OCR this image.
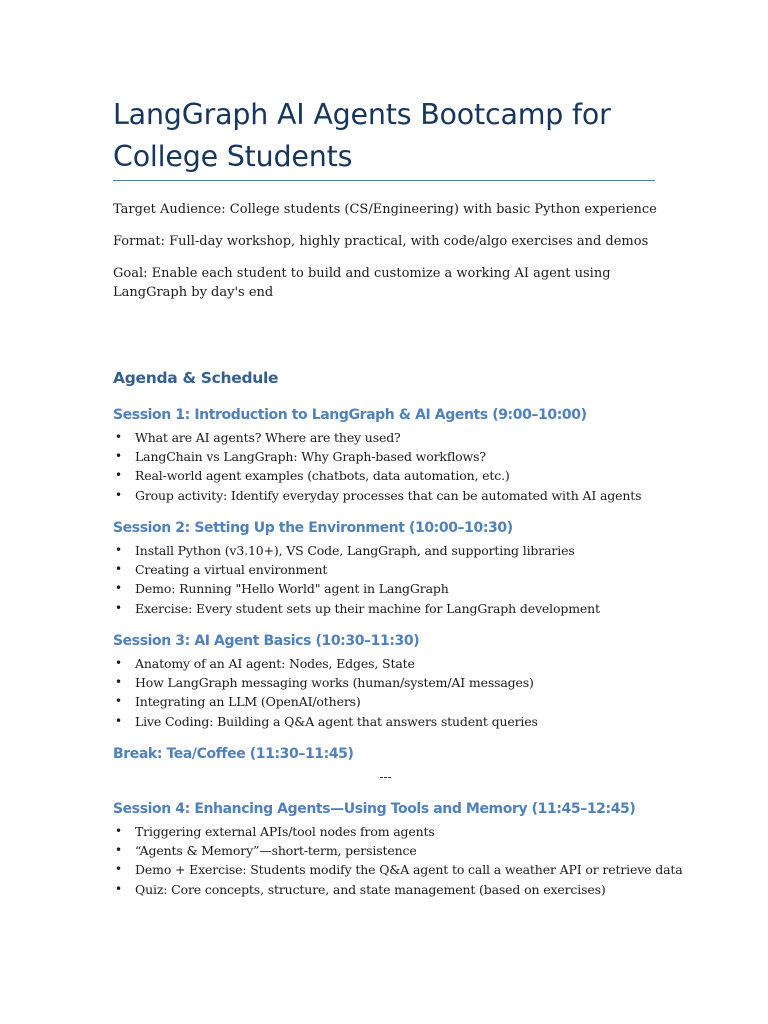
LangGraph AI Agents Bootcamp for College Students

Target Audience: College students (CS/Engineering) with basic Python experience

Format: Full-day workshop, highly practical, with code/algo exercises and demos

Goal: Enable each student to build and customize a working AI agent using LangGraph by day's end

Agenda & Schedule
Session 1: Introduction to LangGraph & AI Agents (9:00–10:00)
• What are AI agents? Where are they used?
• LangChain vs LangGraph: Why Graph-based workflows?
• Real-world agent examples (chatbots, data automation, etc.)
• Group activity: Identify everyday processes that can be automated with AI agents
Session 2: Setting Up the Environment (10:00–10:30)
• Install Python (v3.10+), VS Code, LangGraph, and supporting libraries
• Creating a virtual environment
• Demo: Running "Hello World" agent in LangGraph
• Exercise: Every student sets up their machine for LangGraph development
Session 3: AI Agent Basics (10:30–11:30)
• Anatomy of an AI agent: Nodes, Edges, State
• How LangGraph messaging works (human/system/AI messages)
• Integrating an LLM (OpenAI/others)
• Live Coding: Building a Q&A agent that answers student queries
Break: Tea/Coffee (11:30–11:45)

---

Session 4: Enhancing Agents—Using Tools and Memory (11:45–12:45)
• Triggering external APIs/tool nodes from agents
• “Agents & Memory”—short-term, persistence
• Demo + Exercise: Students modify the Q&A agent to call a weather API or retrieve data
• Quiz: Core concepts, structure, and state management (based on exercises)
